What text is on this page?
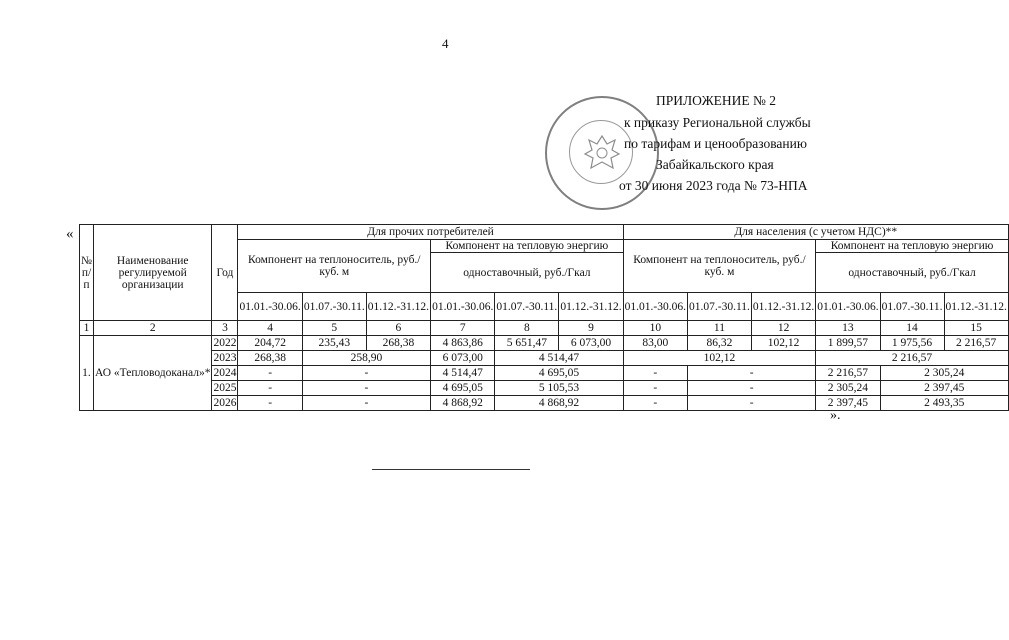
4
ПРИЛОЖЕНИЕ № 2
к приказу Региональной службы
по тарифам и ценообразованию
Забайкальского края
от 30 июня 2023 года № 73-НПА
«
№ п/п	Наименование регулируемой организации	Год	Для прочих потребителей						Для населения (с учетом НДС)**					
			Компонент на теплоноситель, руб./куб. м			Компонент на тепловую энергию			Компонент на теплоноситель, руб./куб. м			Компонент на тепловую энергию		
						одноставочный, руб./Гкал						одноставочный, руб./Гкал		
			01.01.-30.06.	01.07.-30.11.	01.12.-31.12.	01.01.-30.06.	01.07.-30.11.	01.12.-31.12.	01.01.-30.06.	01.07.-30.11.	01.12.-31.12.	01.01.-30.06.	01.07.-30.11.	01.12.-31.12.
1	2	3	4	5	6	7	8	9	10	11	12	13	14	15
1.	АО «Тепловодоканал»*	2022	204,72	235,43	268,38	4 863,86	5 651,47	6 073,00	83,00	86,32	102,12	1 899,57	1 975,56	2 216,57
		2023	268,38	258,90		6 073,00	4 514,47		102,12			2 216,57		
		2024	-	-		4 514,47	4 695,05		-	-		2 216,57	2 305,24	
		2025	-	-		4 695,05	5 105,53		-	-		2 305,24	2 397,45	
		2026	-	-		4 868,92	4 868,92		-	-		2 397,45	2 493,35	
».
